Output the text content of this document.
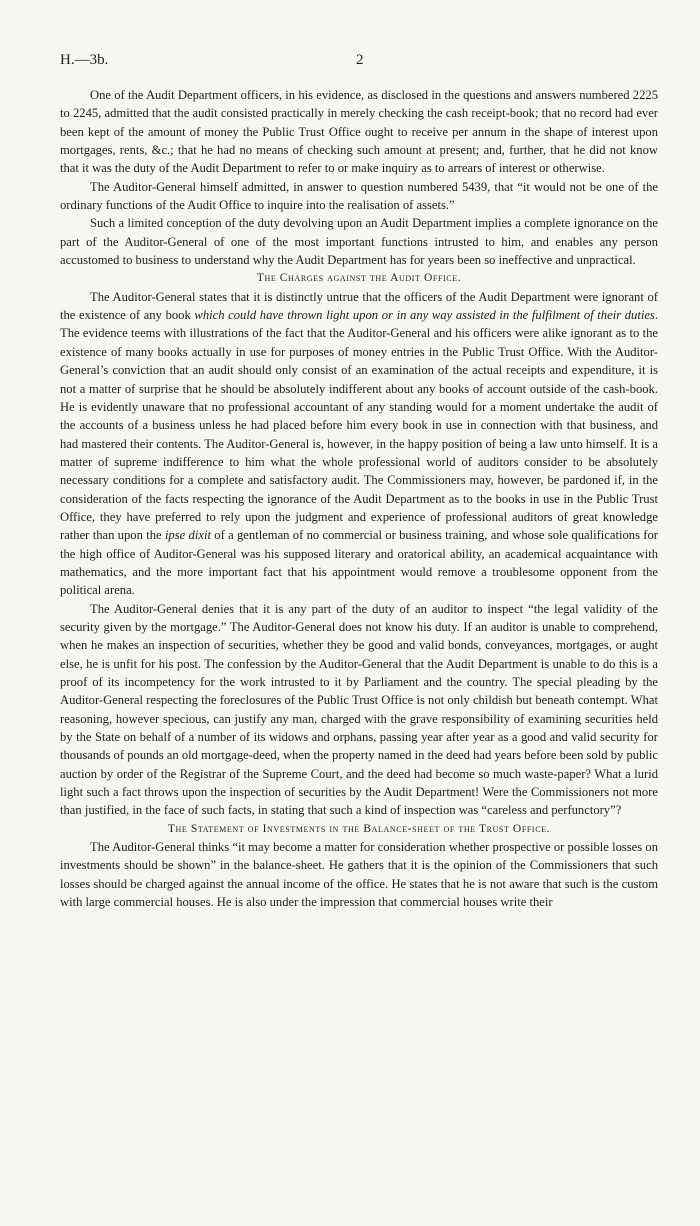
H.—3b.	2

One of the Audit Department officers, in his evidence, as disclosed in the questions and answers numbered 2225 to 2245, admitted that the audit consisted practically in merely checking the cash receipt-book; that no record had ever been kept of the amount of money the Public Trust Office ought to receive per annum in the shape of interest upon mortgages, rents, &c.; that he had no means of checking such amount at present; and, further, that he did not know that it was the duty of the Audit Department to refer to or make inquiry as to arrears of interest or otherwise.

The Auditor-General himself admitted, in answer to question numbered 5439, that “it would not be one of the ordinary functions of the Audit Office to inquire into the realisation of assets.”

Such a limited conception of the duty devolving upon an Audit Department implies a complete ignorance on the part of the Auditor-General of one of the most important functions intrusted to him, and enables any person accustomed to business to understand why the Audit Department has for years been so ineffective and unpractical.

The Charges against the Audit Office.

The Auditor-General states that it is distinctly untrue that the officers of the Audit Department were ignorant of the existence of any book which could have thrown light upon or in any way assisted in the fulfilment of their duties. The evidence teems with illustrations of the fact that the Auditor-General and his officers were alike ignorant as to the existence of many books actually in use for purposes of money entries in the Public Trust Office. With the Auditor-General’s conviction that an audit should only consist of an examination of the actual receipts and expenditure, it is not a matter of surprise that he should be absolutely indifferent about any books of account outside of the cash-book. He is evidently unaware that no professional accountant of any standing would for a moment undertake the audit of the accounts of a business unless he had placed before him every book in use in connection with that business, and had mastered their contents. The Auditor-General is, however, in the happy position of being a law unto himself. It is a matter of supreme indifference to him what the whole professional world of auditors consider to be absolutely necessary conditions for a complete and satisfactory audit. The Commissioners may, however, be pardoned if, in the consideration of the facts respecting the ignorance of the Audit Department as to the books in use in the Public Trust Office, they have preferred to rely upon the judgment and experience of professional auditors of great knowledge rather than upon the ipse dixit of a gentleman of no commercial or business training, and whose sole qualifications for the high office of Auditor-General was his supposed literary and oratorical ability, an academical acquaintance with mathematics, and the more important fact that his appointment would remove a troublesome opponent from the political arena.

The Auditor-General denies that it is any part of the duty of an auditor to inspect “the legal validity of the security given by the mortgage.” The Auditor-General does not know his duty. If an auditor is unable to comprehend, when he makes an inspection of securities, whether they be good and valid bonds, conveyances, mortgages, or aught else, he is unfit for his post. The confession by the Auditor-General that the Audit Department is unable to do this is a proof of its incompetency for the work intrusted to it by Parliament and the country. The special pleading by the Auditor-General respecting the foreclosures of the Public Trust Office is not only childish but beneath contempt. What reasoning, however specious, can justify any man, charged with the grave responsibility of examining securities held by the State on behalf of a number of its widows and orphans, passing year after year as a good and valid security for thousands of pounds an old mortgage-deed, when the property named in the deed had years before been sold by public auction by order of the Registrar of the Supreme Court, and the deed had become so much waste-paper? What a lurid light such a fact throws upon the inspection of securities by the Audit Department! Were the Commissioners not more than justified, in the face of such facts, in stating that such a kind of inspection was “careless and perfunctory”?

The Statement of Investments in the Balance-sheet of the Trust Office.

The Auditor-General thinks “it may become a matter for consideration whether prospective or possible losses on investments should be shown” in the balance-sheet. He gathers that it is the opinion of the Commissioners that such losses should be charged against the annual income of the office. He states that he is not aware that such is the custom with large commercial houses. He is also under the impression that commercial houses write their
